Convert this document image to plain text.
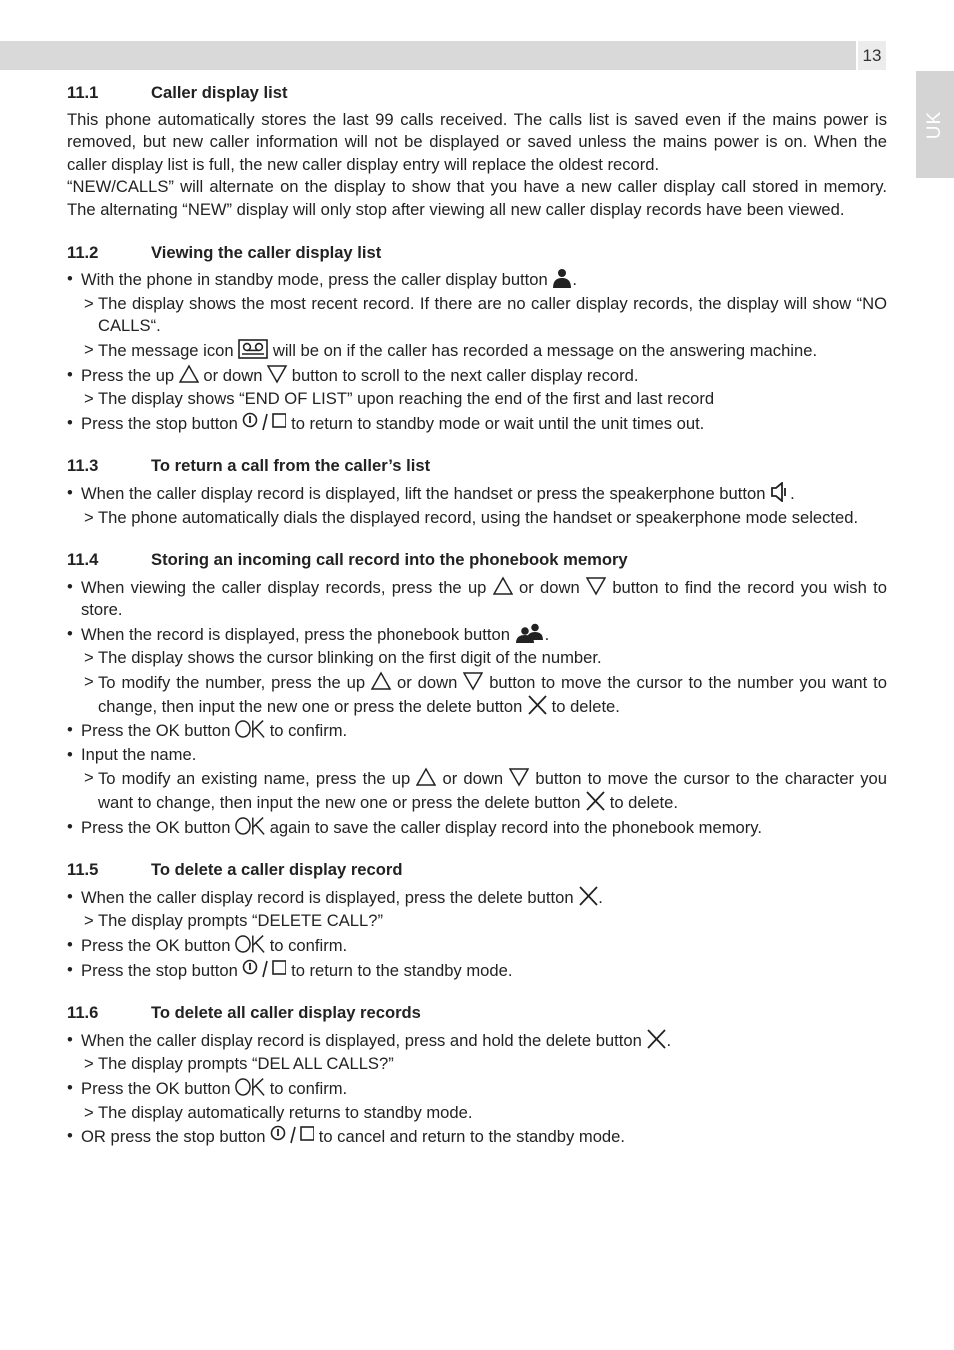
13
UK
11.1	Caller display list

This phone automatically stores the last 99 calls received. The calls list is saved even if the mains power is removed, but new caller information will not be displayed or saved unless the mains power is on. When the caller display list is full, the new caller display entry will replace the oldest record.

“NEW/CALLS” will alternate on the display to show that you have a new caller display call stored in memory. The alternating “NEW” display will only stop after viewing all new caller display records have been viewed.

11.2	Viewing the caller display list
• With the phone in standby mode, press the caller display button .
> The display shows the most recent record. If there are no caller display records, the display will show “NO CALLS“.
> The message icon will be on if the caller has recorded a message on the answering machine.
• Press the up or down button to scroll to the next caller display record.
> The display shows “END OF LIST” upon reaching the end of the first and last record
• Press the stop button	to return to standby mode or wait until the unit times out.
11.3	To return a call from the caller’s list
• When the caller display record is displayed, lift the handset or press the speakerphone button .
> The phone automatically dials the displayed record, using the handset or speakerphone mode selected.
11.4	Storing an incoming call record into the phonebook memory
• When viewing the caller display records, press the up or down button to find the record you wish to store.
• When the record is displayed, press the phonebook button .
> The display shows the cursor blinking on the first digit of the number.
> To modify the number, press the up or down button to move the cursor to the number you want to change, then input the new one or press the delete button to delete.
• Press the OK button to confirm.
• Input the name.
> To modify an existing name, press the up or down button to move the cursor to the character you want to change, then input the new one or press the delete button to delete.
• Press the OK button again to save the caller display record into the phonebook memory.
11.5	To delete a caller display record
• When the caller display record is displayed, press the delete button .
> The display prompts “DELETE CALL?”
• Press the OK button to confirm.
• Press the stop button	to return to the standby mode.
11.6	To delete all caller display records
• When the caller display record is displayed, press and hold the delete button .
> The display prompts “DEL ALL CALLS?”
• Press the OK button to confirm.
> The display automatically returns to standby mode.
• OR press the stop button	to cancel and return to the standby mode.
